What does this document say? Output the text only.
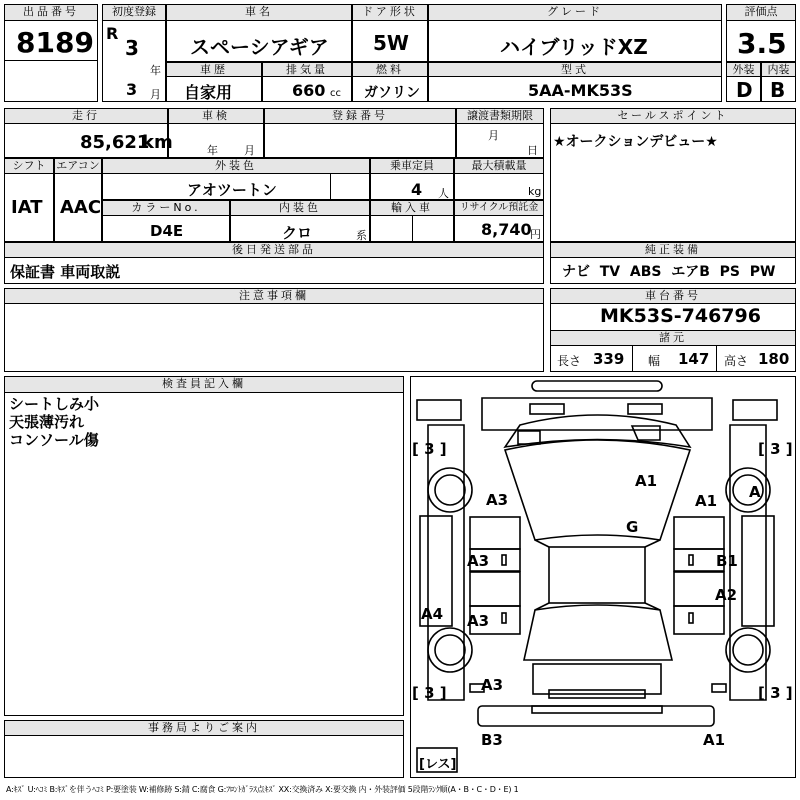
出品番号
8189
初度登録
R
3
年
3 月
車名
スペーシアギア
ドア形状
5W
グレード
ハイブリッドXZ
評価点
3.5
車歴
自家用
排気量
660 cc
燃料
ガソリン
型式
5AA-MK53S
外装
D
内装
B
走行
85,621
km
車検
年 月
登録番号	譲渡書類期限
月
日
セールスポイント
★オークションデビュー★
シフト
IAT
エアコン
AAC
外装色
アオツートン
乗車定員
4 人
最大積載量
kg
カラーNo.
D4E
内装色
クロ	系
輸入車	リサイクル預託金
8,740
円
後日発送部品
保証書 車両取説
純正装備
ナビ TV ABS エアB PS PW
注意事項欄	車台番号
MK53S-746796
諸元
長さ 339 幅 147 高さ 180
検査員記入欄
シートしみ小
天張薄汚れ
コンソール傷
事務局よりご案内
[ 3 ]	[ 3 ]
[ 3 ]	[ 3 ]
[レス]
A1
A1 A
G
A3
A3	B1
A2
A4 A3
A3
B3	A1
A:ｷｽﾞ U:ﾍｺﾐ B:ｷｽﾞを伴うﾍｺﾐ P:要塗装 W:補修跡 S:錆 C:腐食 G:ﾌﾛﾝﾄｶﾞﾗｽ点ｷｽﾞ XX:交換済み X:要交換 内・外装評価 5段階ﾗﾝｸ順(A・B・C・D・E) 1
